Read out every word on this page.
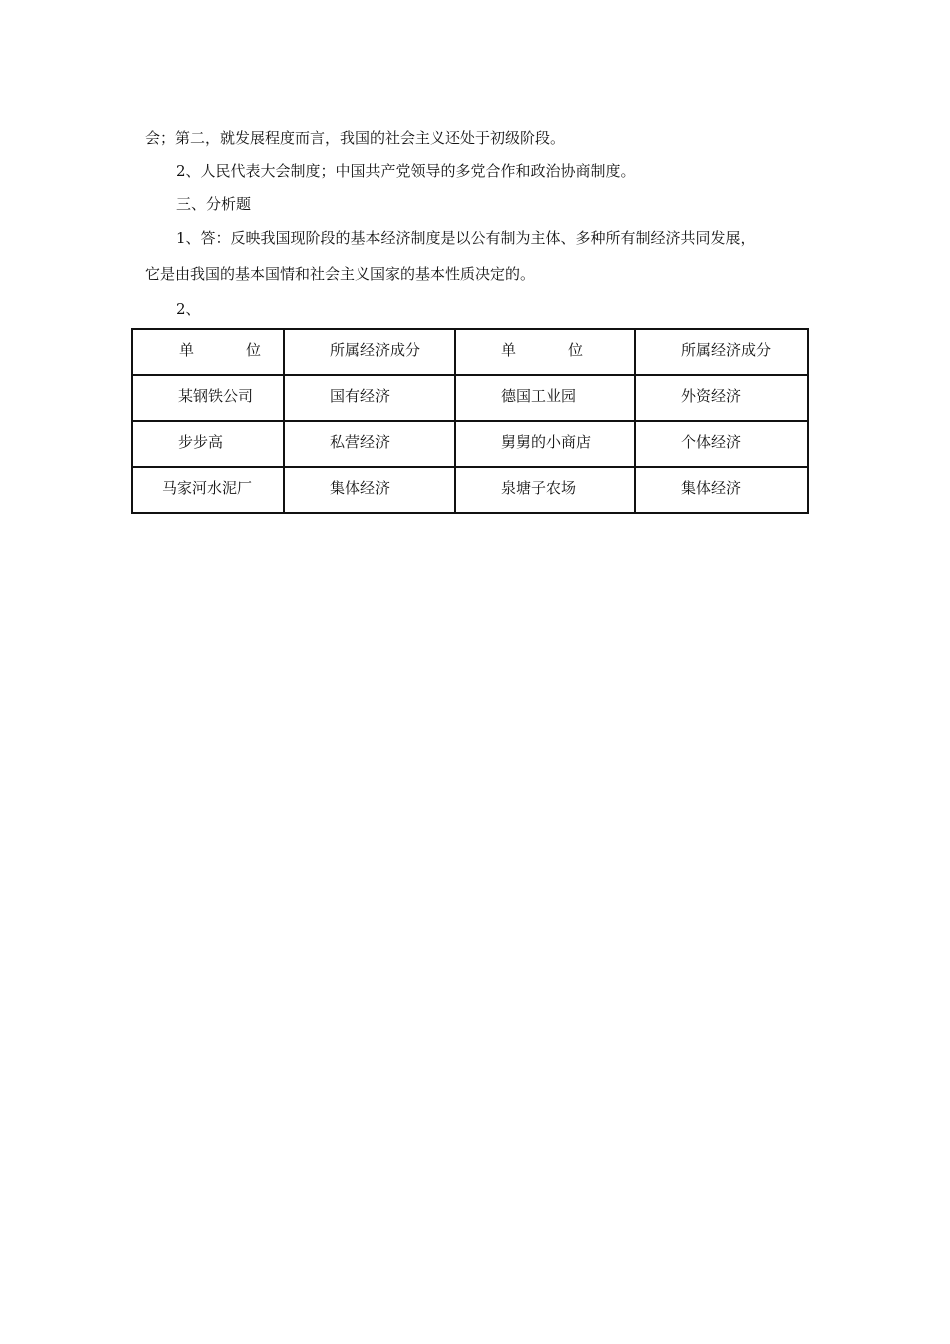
会；第二，就发展程度而言，我国的社会主义还处于初级阶段。
2、人民代表大会制度；中国共产党领导的多党合作和政治协商制度。
三、分析题
1、答：反映我国现阶段的基本经济制度是以公有制为主体、多种所有制经济共同发展，
它是由我国的基本国情和社会主义国家的基本性质决定的。
2、
单 位	所属经济成分	单 位	所属经济成分

某钢铁公司	国有经济	德国工业园	外资经济

步步高	私营经济	舅舅的小商店	个体经济

马家河水泥厂	集体经济	泉塘子农场	集体经济
